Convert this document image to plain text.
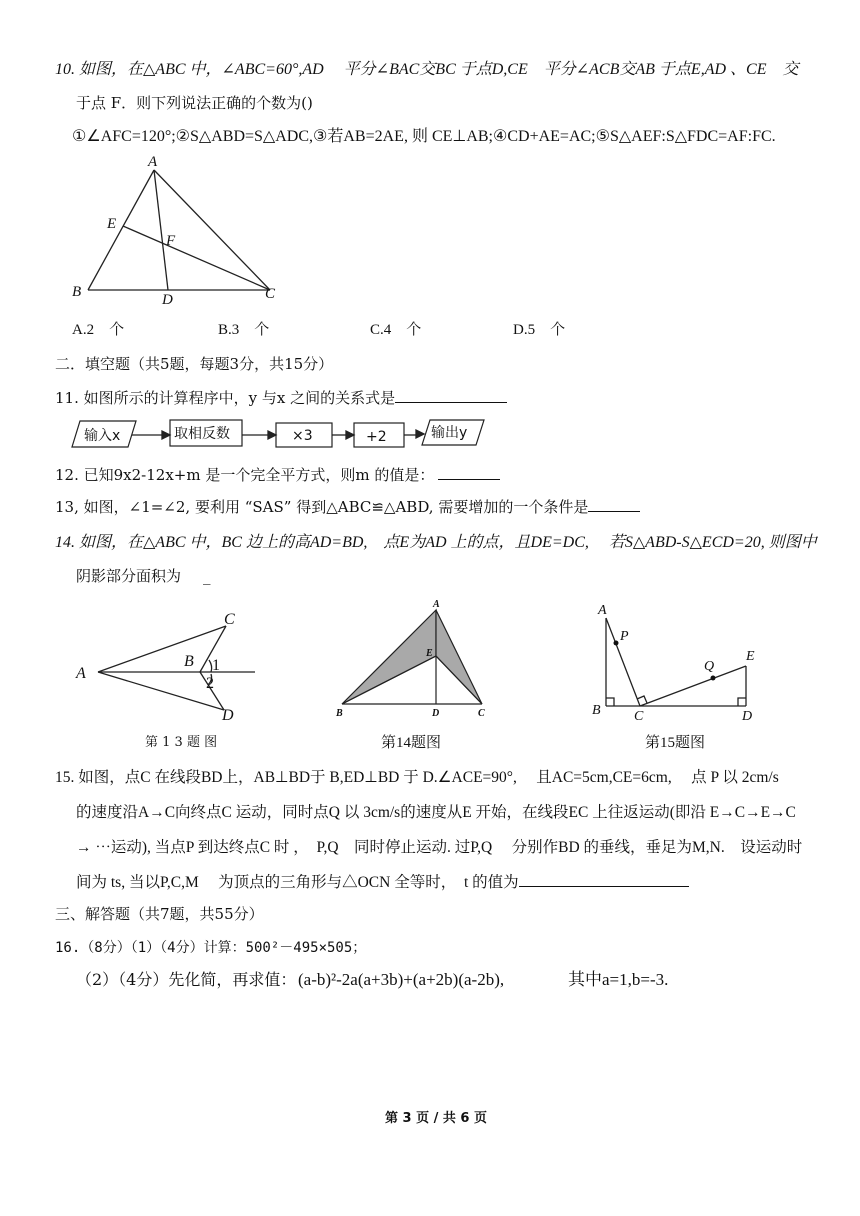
10. 如图，在△ABC 中，∠ABC=60°,AD　 平分∠BAC交BC 于点D,CE　平分∠ACB交AB 于点E,AD 、CE　交
于点 F．则下列说法正确的个数为()
①∠AFC=120°;②S△ABD=S△ADC,③若AB=2AE, 则 CE⊥AB;④CD+AE=AC;⑤S△AEF:S△FDC=AF:FC.
A
B	C
D
E
F
A.2　个	B.3　个	C.4　个	D.5　个
二．填空题（共5题，每题3分，共15分）
11. 如图所示的计算程序中，y 与x 之间的关系式是
输入x	取相反数	×3	+2	输出y
12. 已知9x2-12x+m 是一个完全平方式，则m 的值是：
13, 如图，∠1=∠2, 要利用 “SAS” 得到△ABC≌△ABD, 需要增加的一个条件是
14. 如图，在△ABC 中，BC 边上的高AD=BD,　点E为AD 上的点，且DE=DC,　 若S△ABD-S△ECD=20, 则图中
阴影部分面积为 _
A
B
C
D
1
2
第 1 3 题 图
A
E
B	D	C
第14题图
A
P
Q
E
B C	D
第15题图
15. 如图，点C 在线段BD上，AB⊥BD于 B,ED⊥BD 于 D.∠ACE=90°,　 且AC=5cm,CE=6cm,　 点 P 以 2cm/s
的速度沿A→C向终点C 运动，同时点Q 以 3cm/s的速度从E 开始，在线段EC 上往返运动(即沿 E→C→E→C
→ ⋯运动), 当点P 到达终点C 时 ，　P,Q　同时停止运动. 过P,Q　 分别作BD 的垂线，垂足为M,N.　设运动时
间为 ts, 当以P,C,M　 为顶点的三角形与△OCN 全等时，　t 的值为
三、解答题（共7题，共55分）
16.（8分）（1）（4分）计算：500²－495×505；
（2）（4分）先化简，再求值： (a-b)²-2a(a+3b)+(a+2b)(a-2b),	其中a=1,b=-3.
第 3 页 / 共 6 页
